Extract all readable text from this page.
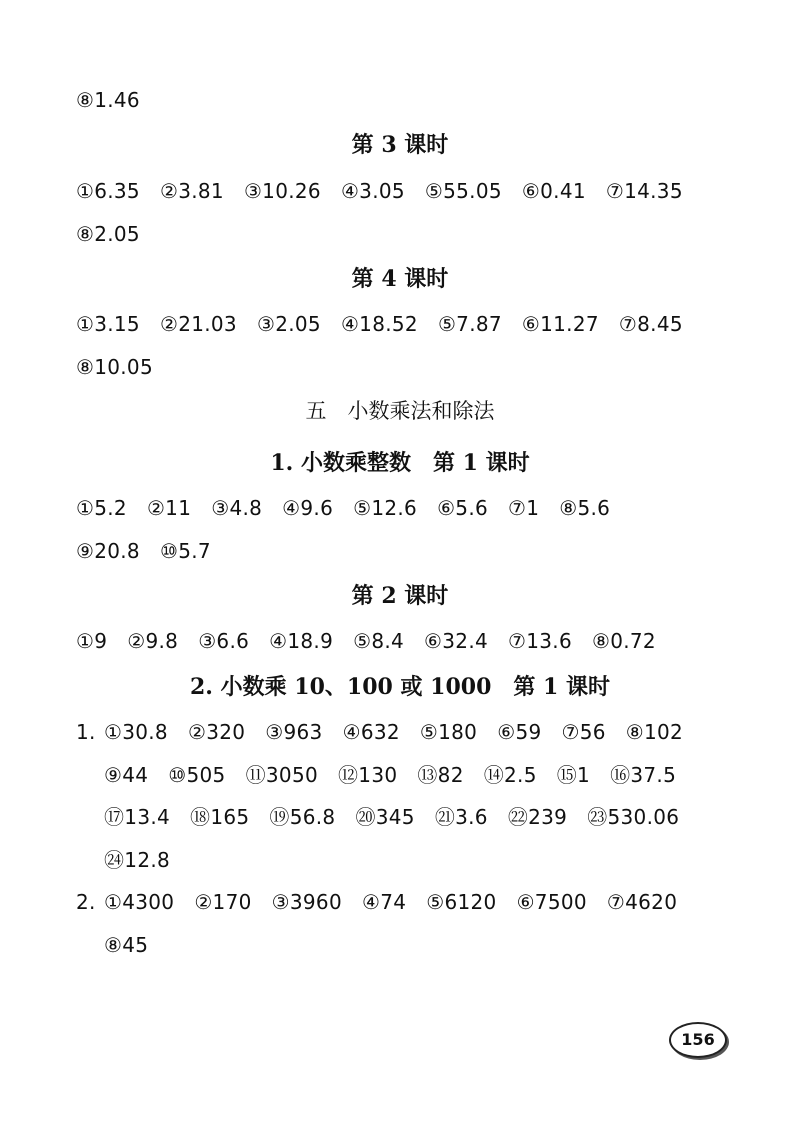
⑧1.46
第 3 课时
①6.35 ②3.81 ③10.26 ④3.05 ⑤55.05 ⑥0.41 ⑦14.35
⑧2.05
第 4 课时
①3.15 ②21.03 ③2.05 ④18.52 ⑤7.87 ⑥11.27 ⑦8.45
⑧10.05
五　小数乘法和除法
1. 小数乘整数　第 1 课时
①5.2 ②11 ③4.8 ④9.6 ⑤12.6 ⑥5.6 ⑦1 ⑧5.6
⑨20.8 ⑩5.7
第 2 课时
①9 ②9.8 ③6.6 ④18.9 ⑤8.4 ⑥32.4 ⑦13.6 ⑧0.72
2. 小数乘 10、100 或 1000　第 1 课时
1. ①30.8 ②320 ③963 ④632 ⑤180 ⑥59 ⑦56 ⑧102
⑨44 ⑩505 ⑪3050 ⑫130 ⑬82 ⑭2.5 ⑮1 ⑯37.5
⑰13.4 ⑱165 ⑲56.8 ⑳345 ㉑3.6 ㉒239 ㉓530.06
㉔12.8
2. ①4300 ②170 ③3960 ④74 ⑤6120 ⑥7500 ⑦4620
⑧45
156
